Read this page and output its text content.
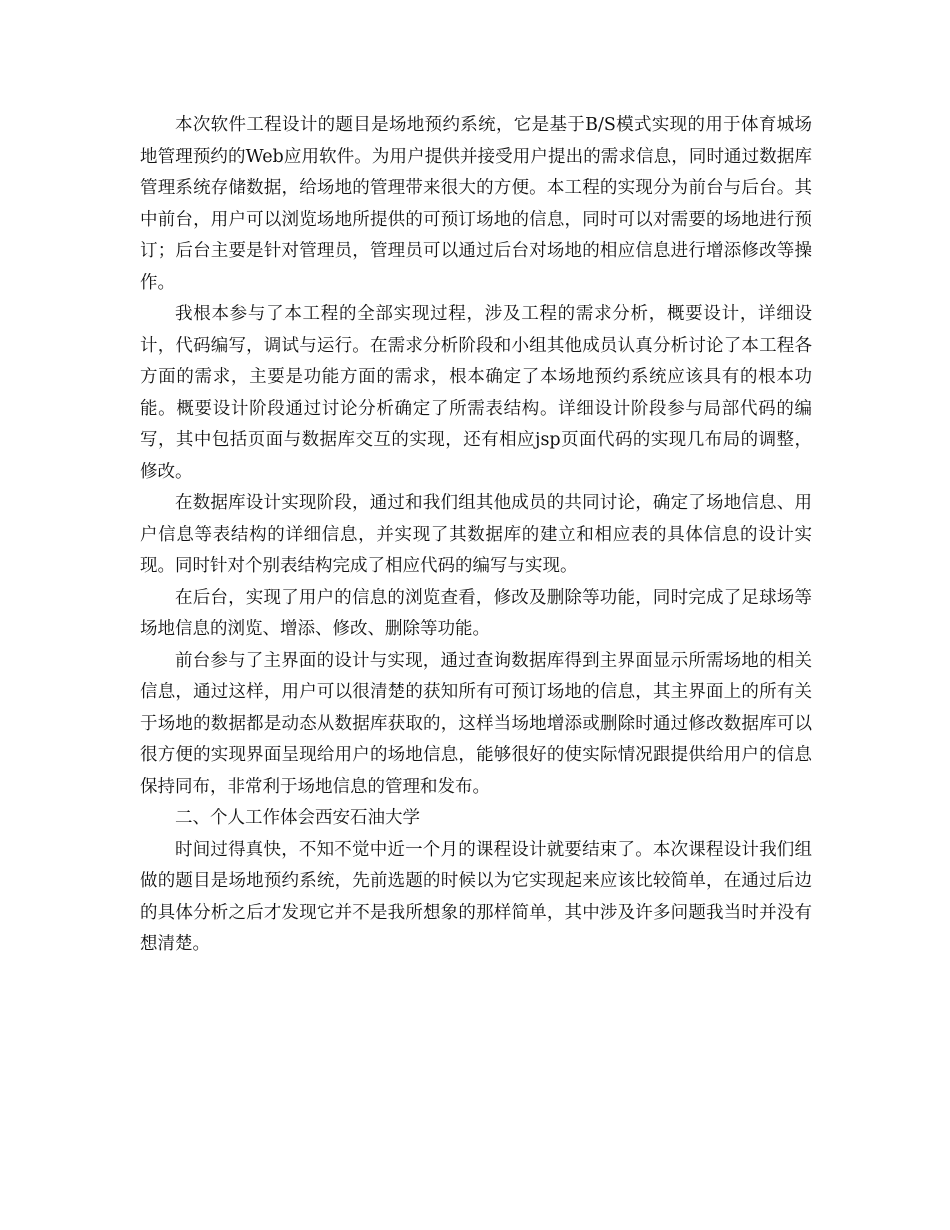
本次软件工程设计的题目是场地预约系统，它是基于B/S模式实现的用于体育城场地管理预约的Web应用软件。为用户提供并接受用户提出的需求信息，同时通过数据库管理系统存储数据，给场地的管理带来很大的方便。本工程的实现分为前台与后台。其中前台，用户可以浏览场地所提供的可预订场地的信息，同时可以对需要的场地进行预订；后台主要是针对管理员，管理员可以通过后台对场地的相应信息进行增添修改等操作。

我根本参与了本工程的全部实现过程，涉及工程的需求分析，概要设计，详细设计，代码编写，调试与运行。在需求分析阶段和小组其他成员认真分析讨论了本工程各方面的需求，主要是功能方面的需求，根本确定了本场地预约系统应该具有的根本功能。概要设计阶段通过讨论分析确定了所需表结构。详细设计阶段参与局部代码的编写，其中包括页面与数据库交互的实现，还有相应jsp页面代码的实现几布局的调整，修改。

在数据库设计实现阶段，通过和我们组其他成员的共同讨论，确定了场地信息、用户信息等表结构的详细信息，并实现了其数据库的建立和相应表的具体信息的设计实现。同时针对个别表结构完成了相应代码的编写与实现。

在后台，实现了用户的信息的浏览查看，修改及删除等功能，同时完成了足球场等场地信息的浏览、增添、修改、删除等功能。

前台参与了主界面的设计与实现，通过查询数据库得到主界面显示所需场地的相关信息，通过这样，用户可以很清楚的获知所有可预订场地的信息，其主界面上的所有关于场地的数据都是动态从数据库获取的，这样当场地增添或删除时通过修改数据库可以很方便的实现界面呈现给用户的场地信息，能够很好的使实际情况跟提供给用户的信息保持同布，非常利于场地信息的管理和发布。

二、个人工作体会西安石油大学

时间过得真快，不知不觉中近一个月的课程设计就要结束了。本次课程设计我们组做的题目是场地预约系统，先前选题的时候以为它实现起来应该比较简单，在通过后边的具体分析之后才发现它并不是我所想象的那样简单，其中涉及许多问题我当时并没有想清楚。
